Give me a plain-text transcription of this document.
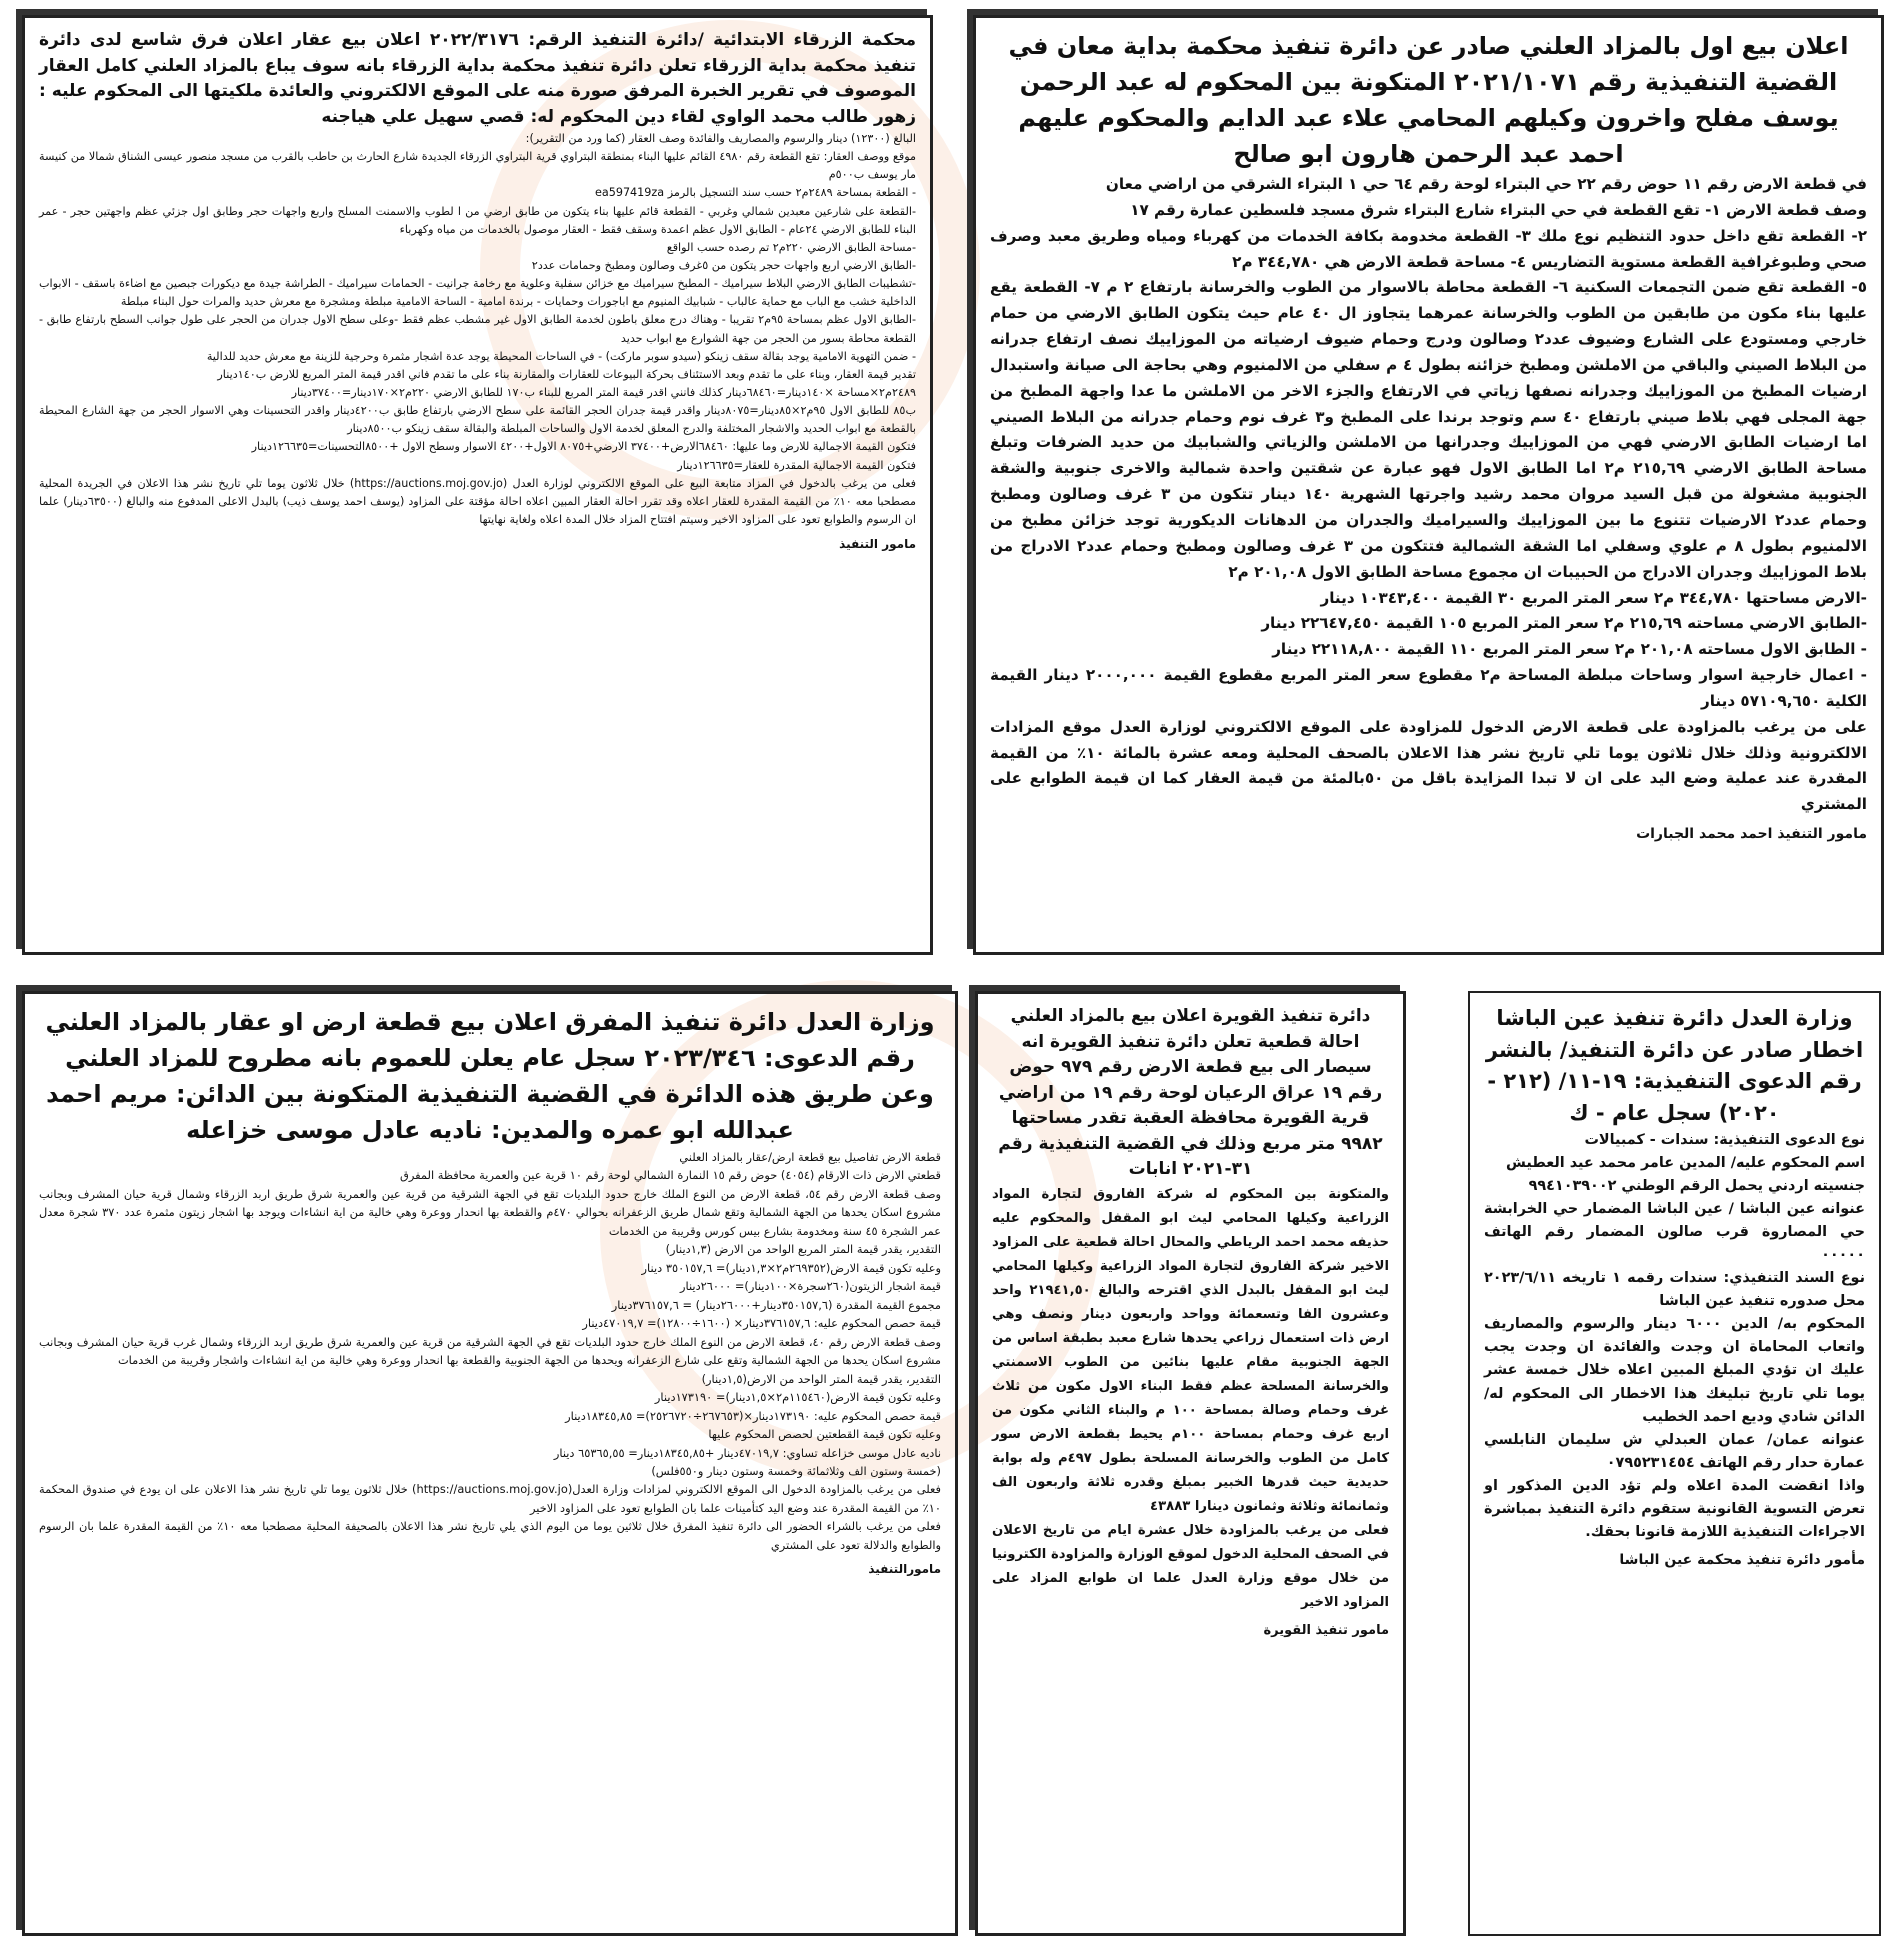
محكمة الزرقاء الابتدائية /دائرة التنفيذ الرقم: ٢٠٢٢/٣١٧٦ اعلان بيع عقار اعلان فرق شاسع لدى دائرة تنفيذ محكمة بداية الزرقاء تعلن دائرة تنفيذ محكمة بداية الزرقاء بانه سوف يباع بالمزاد العلني كامل العقار الموصوف في تقرير الخبرة المرفق صورة منه على الموقع الالكتروني والعائدة ملكيتها الى المحكوم عليه : زهور طالب محمد الواوي لقاء دين المحكوم له: قصي سهيل علي هياجنه

البالغ (١٢٣٠٠) دينار والرسوم والمصاريف والفائدة وصف العقار (كما ورد من التقرير):

موقع ووصف العقار: تقع القطعة رقم ٤٩٨٠ القائم عليها البناء بمنطقة البتراوي قرية البتراوي الزرقاء الجديدة شارع الحارث بن حاطب بالقرب من مسجد منصور عيسى الشناق شمالا من كنيسة مار يوسف ب٥٠٠م

- القطعة بمساحة ٢٤٨٩م٢ حسب سند التسجيل بالرمز ea597419za

-القطعة على شارعين معبدين شمالي وغربي - القطعة قائم عليها بناء يتكون من طابق ارضي من ا لطوب والاسمنت المسلح واربع واجهات حجر وطابق اول جزئي عظم واجهتين حجر - عمر البناء للطابق الارضي ٢٤عام - الطابق الاول عظم اعمدة وسقف فقط - العقار موصول بالخدمات من مياه وكهرباء

-مساحة الطابق الارضي ٢٢٠م٢ تم رصده حسب الواقع

-الطابق الارضي اربع واجهات حجر يتكون من ٥غرف وصالون ومطبخ وحمامات عدد٢

-تشطيبات الطابق الارضي البلاط سيراميك - المطبخ سيراميك مع خزائن سفلية وعلوية مع رخامة جرانيت - الحمامات سيراميك - الطراشة جيدة مع ديكورات جبصين مع اضاءة باسقف - الابواب الداخلية خشب مع الباب مع حماية عالباب - شبابيك المنيوم مع اباجورات وحمايات - برندة امامية - الساحة الامامية مبلطة ومشجرة مع معرش حديد والمرات حول البناء مبلطة

-الطابق الاول عظم بمساحة ٩٥م٢ تقريبا - وهناك درج معلق باطون لخدمة الطابق الاول غير مشطب عظم فقط -وعلى سطح الاول جدران من الحجر على طول جوانب السطح بارتفاع طابق - القطعة محاطة بسور من الحجر من جهة الشوارع مع ابواب حديد

- ضمن التهوية الامامية يوجد بقالة سقف زينكو (سيدو سوبر ماركت) - في الساحات المحيطة يوجد عدة اشجار مثمرة وحرجية للزينة مع معرش حديد للدالية

تقدير قيمة العقار، وبناء على ما تقدم وبعد الاستئناف بحركة البيوعات للعقارات والمقارنة بناء على ما تقدم فاني اقدر قيمة المتر المربع للارض ب١٤٠دينار

٢٤٨٩م٢×مساحة ×١٤٠دينار=٦٨٤٦٠دينار كذلك فانني اقدر قيمة المتر المربع للبناء ب١٧٠ للطابق الارضي ٢٢٠م٢×١٧٠دينار=٣٧٤٠٠دينار

ب٨٥ للطابق الاول ٩٥م٢×٨٥دينار=٨٠٧٥دينار واقدر قيمة جدران الحجر القائمة على سطح الارضي بارتفاع طابق ب٤٢٠٠دينار واقدر التحسينات وهي الاسوار الحجر من جهة الشارع المحيطة بالقطعة مع ابواب الحديد والاشجار المختلفة والدرج المعلق لخدمة الاول والساحات المبلطة والبقالة سقف زينكو ب٨٥٠٠دينار

فتكون القيمة الاجمالية للارض وما عليها: ٦٨٤٦٠الارض+٣٧٤٠٠ الارضي+٨٠٧٥ الاول+٤٢٠٠ الاسوار وسطح الاول +٨٥٠٠التحسينات=١٢٦٦٣٥دينار

فتكون القيمة الاجمالية المقدرة للعقار=١٢٦٦٣٥دينار

فعلى من يرغب بالدخول في المزاد متابعة البيع على الموقع الالكتروني لوزارة العدل (https://auctions.moj.gov.jo) خلال ثلاثون يوما تلي تاريخ نشر هذا الاعلان في الجريدة المحلية مصطحبا معه ١٠٪ من القيمة المقدرة للعقار اعلاه وقد تقرر احالة العقار المبين اعلاه احالة مؤقتة على المزاود (يوسف احمد يوسف ذيب) بالبدل الاعلى المدفوع منه والبالغ (٦٣٥٠٠دينار) علما ان الرسوم والطوابع تعود على المزاود الاخير وسيتم افتتاح المزاد خلال المدة اعلاه ولغاية نهايتها

مامور التنفيذ
اعلان بيع اول بالمزاد العلني صادر عن دائرة تنفيذ محكمة بداية معان في القضية التنفيذية رقم ٢٠٢١/١٠٧١ المتكونة بين المحكوم له عبد الرحمن يوسف مفلح واخرون وكيلهم المحامي علاء عبد الدايم والمحكوم عليهم احمد عبد الرحمن هارون ابو صالح

في قطعة الارض رقم ١١ حوض رقم ٢٢ حي البتراء لوحة رقم ٦٤ حي ١ البتراء الشرقي من اراضي معان

وصف قطعة الارض ١- تقع القطعة في حي البتراء شارع البتراء شرق مسجد فلسطين عمارة رقم ١٧

٢- القطعة تقع داخل حدود التنظيم نوع ملك ٣- القطعة مخدومة بكافة الخدمات من كهرباء ومياه وطريق معبد وصرف صحي وطبوغرافية القطعة مستوية التضاريس ٤- مساحة قطعة الارض هي ٣٤٤,٧٨٠ م٢

٥- القطعة تقع ضمن التجمعات السكنية ٦- القطعة محاطة بالاسوار من الطوب والخرسانة بارتفاع ٢ م ٧- القطعة يقع عليها بناء مكون من طابقين من الطوب والخرسانة عمرهما يتجاوز ال ٤٠ عام حيث يتكون الطابق الارضي من حمام خارجي ومستودع على الشارع وضيوف عدد٢ وصالون ودرج وحمام ضيوف ارضياته من الموزاييك نصف ارتفاع جدرانه من البلاط الصيني والباقي من الاملشن ومطبخ خزائنه بطول ٤ م سفلي من الالمنيوم وهي بحاجة الى صيانة واستبدال ارضيات المطبخ من الموزاييك وجدرانه نصفها زياتي في الارتفاع والجزء الاخر من الاملشن ما عدا واجهة المطبخ من جهة المجلى فهي بلاط صيني بارتفاع ٤٠ سم وتوجد برندا على المطبخ و٣ غرف نوم وحمام جدرانه من البلاط الصيني اما ارضيات الطابق الارضي فهي من الموزاييك وجدرانها من الاملشن والزياتي والشبابيك من حديد الضرفات وتبلغ مساحة الطابق الارضي ٢١٥,٦٩ م٢ اما الطابق الاول فهو عبارة عن شقتين واحدة شمالية والاخرى جنوبية والشقة الجنوبية مشغولة من قبل السيد مروان محمد رشيد واجرتها الشهرية ١٤٠ دينار تتكون من ٣ غرف وصالون ومطبخ وحمام عدد٢ الارضيات تتنوع ما بين الموزاييك والسيراميك والجدران من الدهانات الديكورية توجد خزائن مطبخ من الالمنيوم بطول ٨ م علوي وسفلي اما الشقة الشمالية فتتكون من ٣ غرف وصالون ومطبخ وحمام عدد٢ الادراج من بلاط الموزاييك وجدران الادراج من الحبيبات ان مجموع مساحة الطابق الاول ٢٠١,٠٨ م٢

-الارض مساحتها ٣٤٤,٧٨٠ م٢ سعر المتر المربع ٣٠ القيمة ١٠٣٤٣,٤٠٠ دينار

-الطابق الارضي مساحته ٢١٥,٦٩ م٢ سعر المتر المربع ١٠٥ القيمة ٢٢٦٤٧,٤٥٠ دينار

- الطابق الاول مساحته ٢٠١,٠٨ م٢ سعر المتر المربع ١١٠ القيمة ٢٢١١٨,٨٠٠ دينار

- اعمال خارجية اسوار وساحات مبلطة المساحة م٢ مقطوع سعر المتر المربع مقطوع القيمة ٢٠٠٠,٠٠٠ دينار القيمة الكلية ٥٧١٠٩,٦٥٠ دينار

على من يرغب بالمزاودة على قطعة الارض الدخول للمزاودة على الموقع الالكتروني لوزارة العدل موقع المزادات الالكترونية وذلك خلال ثلاثون يوما تلي تاريخ نشر هذا الاعلان بالصحف المحلية ومعه عشرة بالمائة ١٠٪ من القيمة المقدرة عند عملية وضع اليد على ان لا تبدا المزايدة باقل من ٥٠بالمئة من قيمة العقار كما ان قيمة الطوابع على المشتري

مامور التنفيذ احمد محمد الجبارات
وزارة العدل دائرة تنفيذ المفرق اعلان بيع قطعة ارض او عقار بالمزاد العلني رقم الدعوى: ٢٠٢٣/٣٤٦ سجل عام يعلن للعموم بانه مطروح للمزاد العلني وعن طريق هذه الدائرة في القضية التنفيذية المتكونة بين الدائن: مريم احمد عبدالله ابو عمره والمدين: ناديه عادل موسى خزاعله

قطعة الارض تفاصيل بيع قطعة ارض/عقار بالمزاد العلني

قطعتي الارض ذات الارقام (٤٠٥٤) حوض رقم ١٥ النمارة الشمالي لوحة رقم ١٠ قرية عين والعمرية محافظة المفرق

وصف قطعة الارض رقم ٥٤، قطعة الارض من النوع الملك خارج حدود البلديات تقع في الجهة الشرقية من قرية عين والعمرية شرق طريق اربد الزرقاء وشمال قرية حيان المشرف وبجانب مشروع اسكان يحدها من الجهة الشمالية وتقع شمال طريق الزعفرانه بحوالي ٤٧٠م والقطعة بها انحدار ووعرة وهي خالية من اية انشاءات ويوجد بها اشجار زيتون مثمرة عدد ٣٧٠ شجرة معدل عمر الشجرة ٤٥ سنة ومخدومة بشارع بيس كورس وقريبة من الخدمات

التقدير، يقدر قيمة المتر المربع الواحد من الارض (١,٣دينار)

وعليه تكون قيمة الارض(٢٦٩٣٥٢م٢×١,٣دينار)= ٣٥٠١٥٧,٦ دينار

قيمة اشجار الزيتون(٢٦٠سجرة×١٠٠دينار)= ٢٦٠٠٠دينار

مجموع القيمة المقدرة (٣٥٠١٥٧,٦دينار+٢٦٠٠٠دينار) = ٣٧٦١٥٧,٦دينار

قيمة حصص المحكوم عليه: ٣٧٦١٥٧,٦دينار× (١٦٠٠÷١٢٨٠٠)= ٤٧٠١٩,٧دينار

وصف قطعة الارض رقم ٤٠، قطعة الارض من النوع الملك خارج حدود البلديات تقع في الجهة الشرقية من قرية عين والعمرية شرق طريق اربد الزرقاء وشمال غرب قرية حيان المشرف وبجانب مشروع اسكان يحدها من الجهة الشمالية وتقع على شارع الزعفرانه ويحدها من الجهة الجنوبية والقطعة بها انحدار ووعرة وهي خالية من اية انشاءات واشجار وقريبة من الخدمات

التقدير، يقدر قيمة المتر الواحد من الارض(١,٥دينار)

وعليه تكون قيمة الارض(١١٥٤٦٠م٢×١,٥دينار)= ١٧٣١٩٠دينار

قيمة حصص المحكوم عليه: ١٧٣١٩٠دينار×(٢٦٧٦٥٣÷٢٥٢٦٧٢٠)= ١٨٣٤٥,٨٥دينار

وعليه تكون قيمة القطعتين لحصص المحكوم عليها

ناديه عادل موسى خزاعله تساوي: ٤٧٠١٩,٧دينار +١٨٣٤٥,٨٥دينار= ٦٥٣٦٥,٥٥ دينار

(خمسة وستون الف وثلاثمائة وخمسة وستون دينار و٥٥٠فلس)

فعلى من يرغب بالمزاودة الدخول الى الموقع الالكتروني لمزادات وزارة العدل(https://auctions.moj.gov.jo) خلال ثلاثون يوما تلي تاريخ نشر هذا الاعلان على ان يودع في صندوق المحكمة ١٠٪ من القيمة المقدرة عند وضع اليد كتأمينات علما بان الطوابع تعود على المزاود الاخير

فعلى من يرغب بالشراء الحضور الى دائرة تنفيذ المفرق خلال ثلاثين يوما من اليوم الذي يلي تاريخ نشر هذا الاعلان بالصحيفة المحلية مصطحبا معه ١٠٪ من القيمة المقدرة علما بان الرسوم والطوابع والدلالة تعود على المشتري

مامورالتنفيذ
دائرة تنفيذ القويرة اعلان بيع بالمزاد العلني احالة قطعية تعلن دائرة تنفيذ القويرة انه سيصار الى بيع قطعة الارض رقم ٩٧٩ حوض رقم ١٩ عراق الرعيان لوحة رقم ١٩ من اراضي قرية القويرة محافظة العقبة تقدر مساحتها ٩٩٨٢ متر مربع وذلك في القضية التنفيذية رقم ٣١-٢٠٢١ انابات

والمتكونة بين المحكوم له شركة الفاروق لتجارة المواد الزراعية وكيلها المحامي ليث ابو المقفل والمحكوم عليه حذيفه محمد احمد الرياطي والمحال احالة قطعية على المزاود الاخير شركة الفاروق لتجارة المواد الزراعية وكيلها المحامي ليث ابو المقفل بالبدل الذي اقترحه والبالغ ٢١٩٤١,٥٠ واحد وعشرون الفا وتسعمائة وواحد واربعون دينار ونصف وهي ارض ذات استعمال زراعي يحدها شارع معبد بطبقة اساس من الجهة الجنوبية مقام عليها بنائين من الطوب الاسمنتي والخرسانة المسلحة عظم فقط البناء الاول مكون من ثلاث غرف وحمام وصالة بمساحة ١٠٠ م والبناء الثاني مكون من اربع غرف وحمام بمساحة ١٠٠م يحيط بقطعة الارض سور كامل من الطوب والخرسانة المسلحة بطول ٤٩٧م وله بوابة حديدية حيث قدرها الخبير بمبلغ وقدره ثلاثة واربعون الف وثمانمائة وثلاثة وثمانون دينارا ٤٣٨٨٣

فعلى من يرغب بالمزاودة خلال عشرة ايام من تاريخ الاعلان في الصحف المحلية الدخول لموقع الوزارة والمزاودة الكترونيا من خلال موقع وزارة العدل علما ان طوابع المزاد على المزاود الاخير

مامور تنفيذ القويرة
وزارة العدل دائرة تنفيذ عين الباشا اخطار صادر عن دائرة التنفيذ/ بالنشر رقم الدعوى التنفيذية: ١٩-١١/ (٢١٢ - ٢٠٢٠) سجل عام - ك

نوع الدعوى التنفيذية: سندات - كمبيالات

اسم المحكوم عليه/ المدين عامر محمد عيد العطيش

جنسيته اردني يحمل الرقم الوطني ٩٩٤١٠٣٩٠٠٢

عنوانه عين الباشا / عين الباشا المضمار حي الخرابشة حي المصاروة قرب صالون المضمار رقم الهاتف ٠٠٠٠٠

نوع السند التنفيذي: سندات رقمه ١ تاريخه ٢٠٢٣/٦/١١ محل صدوره تنفيذ عين الباشا

المحكوم به/ الدين ٦٠٠٠ دينار والرسوم والمصاريف واتعاب المحاماة ان وجدت والفائدة ان وجدت يجب عليك ان تؤدي المبلغ المبين اعلاه خلال خمسة عشر يوما تلي تاريخ تبليغك هذا الاخطار الى المحكوم له/ الدائن شادي وديع احمد الخطيب

عنوانه عمان/ عمان العبدلي ش سليمان النابلسي عمارة حدار رقم الهاتف ٠٧٩٥٢٣١٤٥٤

واذا انقضت المدة اعلاه ولم تؤد الدين المذكور او تعرض التسوية القانونية ستقوم دائرة التنفيذ بمباشرة الاجراءات التنفيذية اللازمة قانونا بحقك.

مأمور دائرة تنفيذ محكمة عين الباشا
